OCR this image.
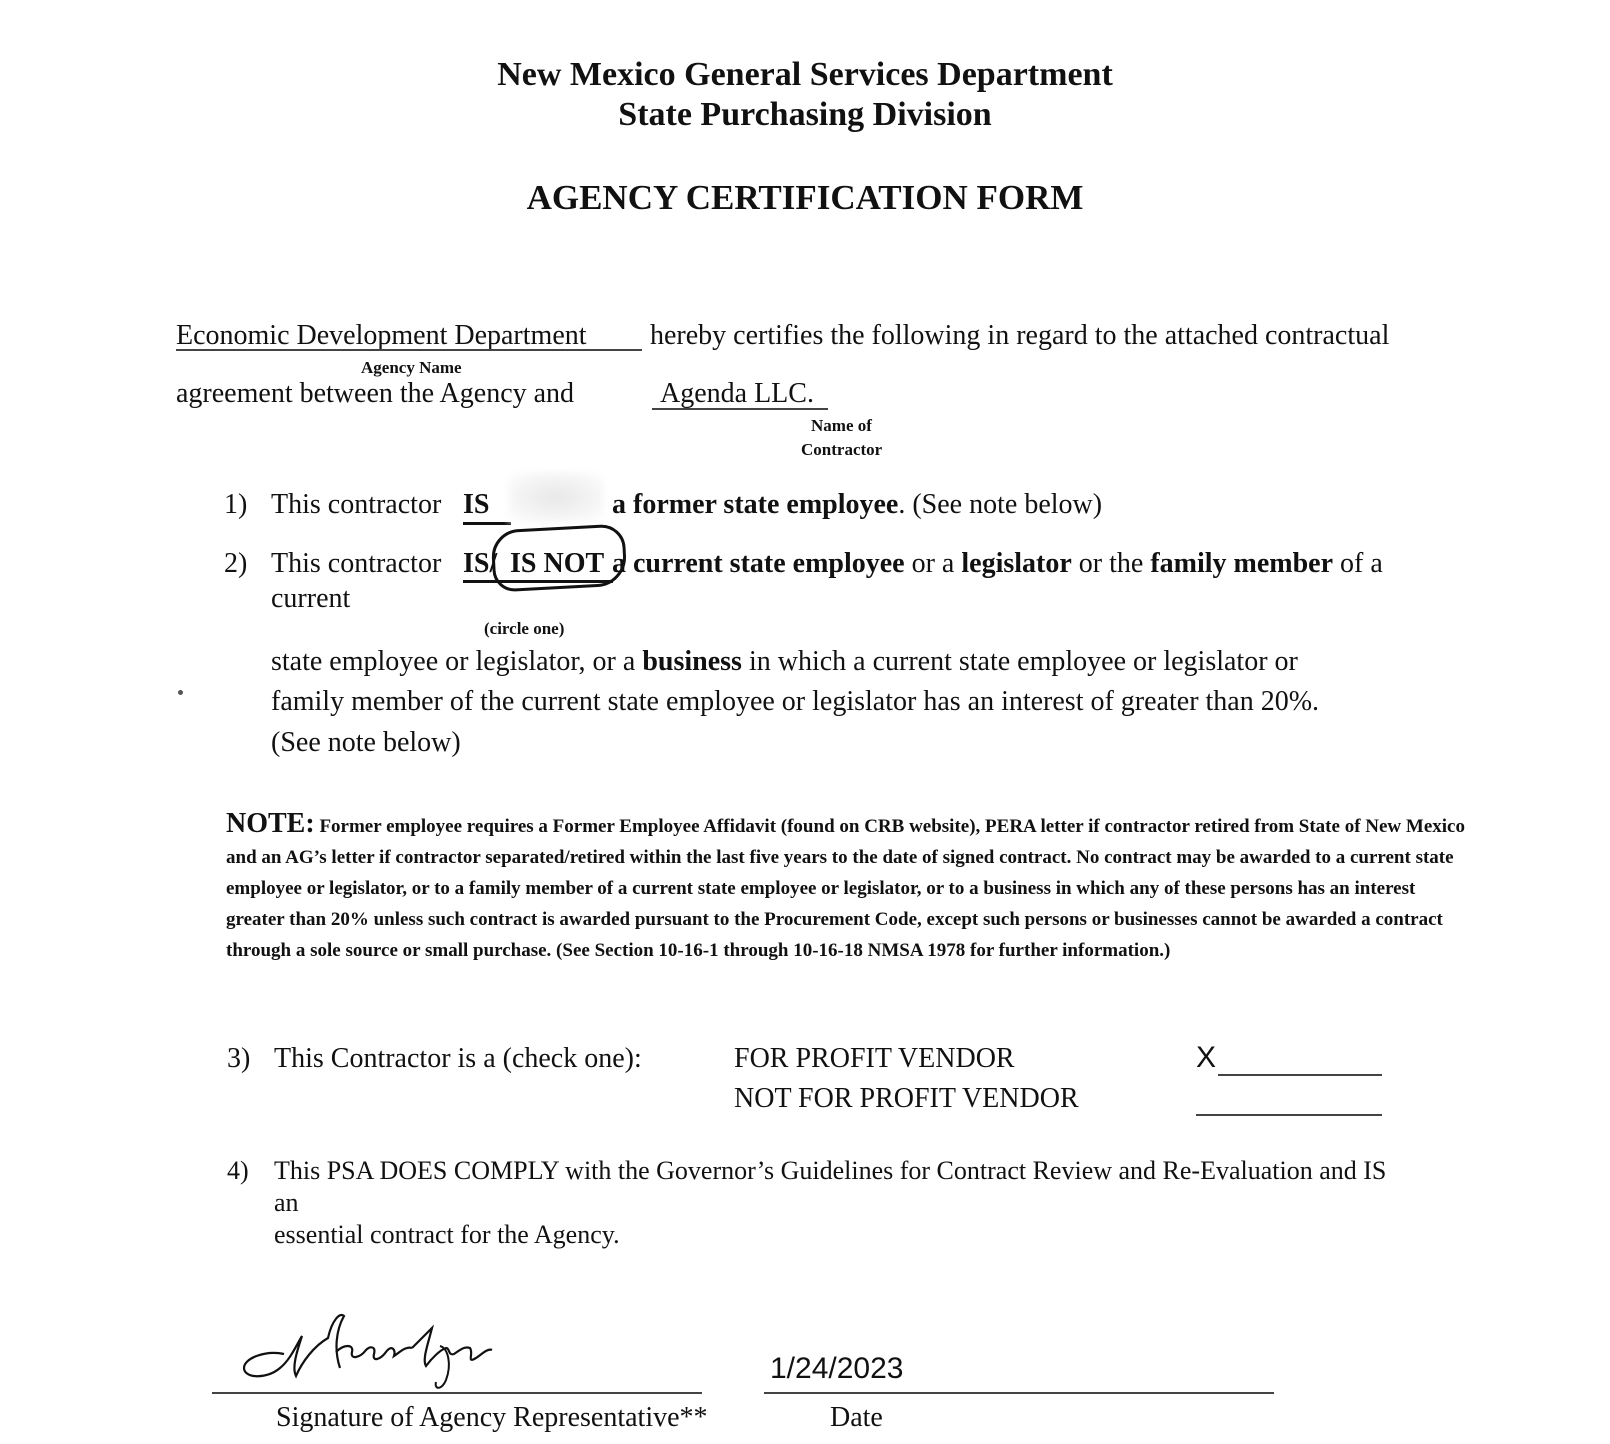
New Mexico General Services Department
State Purchasing Division
AGENCY CERTIFICATION FORM
Economic Development Department hereby certifies the following in regard to the attached contractual
Agency Name
agreement between the Agency and	Agenda LLC.
Name of
Contractor
1) This contractor IS	a former state employee. (See note below)
2) This contractor IS/ IS NOT a current state employee or a legislator or the family member of a
current
(circle one)
state employee or legislator, or a business in which a current state employee or legislator or
family member of the current state employee or legislator has an interest of greater than 20%.
(See note below)
NOTE: Former employee requires a Former Employee Affidavit (found on CRB website), PERA letter if contractor retired from State of New Mexico and an AG’s letter if contractor separated/retired within the last five years to the date of signed contract. No contract may be awarded to a current state employee or legislator, or to a family member of a current state employee or legislator, or to a business in which any of these persons has an interest greater than 20% unless such contract is awarded pursuant to the Procurement Code, except such persons or businesses cannot be awarded a contract through a sole source or small purchase. (See Section 10-16-1 through 10-16-18 NMSA 1978 for further information.)
3) This Contractor is a (check one):	FOR PROFIT VENDOR	X
NOT FOR PROFIT VENDOR
4) This PSA DOES COMPLY with the Governor’s Guidelines for Contract Review and Re-Evaluation and IS
an
essential contract for the Agency.
Signature of Agency Representative**
1/24/2023
Date
